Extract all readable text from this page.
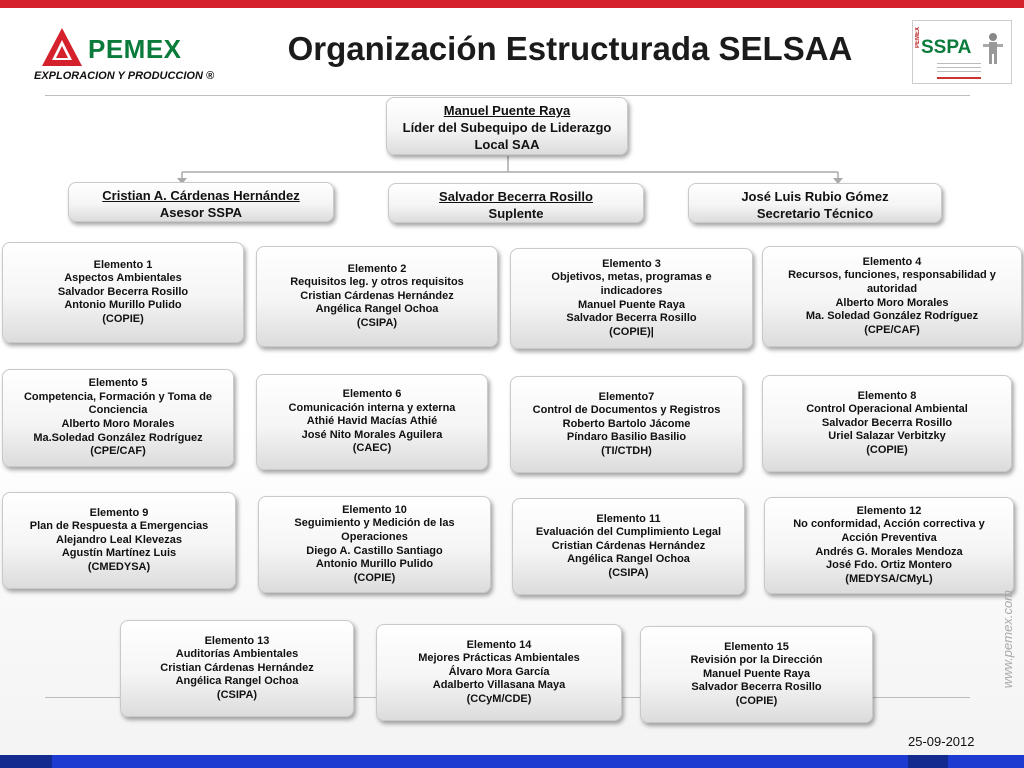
PEMEX
EXPLORACION Y PRODUCCION ®
Organización Estructurada SELSAA	PEMEX SSPA
Manuel Puente Raya
Líder del Subequipo de Liderazgo Local SAA
Cristian A. Cárdenas Hernández
Asesor SSPA
Salvador Becerra Rosillo
Suplente
José Luis Rubio Gómez
Secretario Técnico
Elemento 1
Aspectos Ambientales
Salvador Becerra Rosillo
Antonio Murillo Pulido
(COPIE)
Elemento 2
Requisitos leg. y otros requisitos
Cristian Cárdenas Hernández
Angélica Rangel Ochoa
(CSIPA)
Elemento 3
Objetivos, metas, programas e
indicadores
Manuel Puente Raya
Salvador Becerra Rosillo
(COPIE)|
Elemento 4
Recursos, funciones, responsabilidad y
autoridad
Alberto Moro Morales
Ma. Soledad González Rodríguez
(CPE/CAF)
Elemento 5
Competencia, Formación y Toma de
Conciencia
Alberto Moro Morales
Ma.Soledad González Rodríguez
(CPE/CAF)
Elemento 6
Comunicación interna y externa
Athié Havid Macías Athié
José Nito Morales Aguilera
(CAEC)
Elemento7
Control de Documentos y Registros
Roberto Bartolo Jácome
Píndaro Basilio Basilio
(TI/CTDH)
Elemento 8
Control Operacional Ambiental
Salvador Becerra Rosillo
Uriel Salazar Verbitzky
(COPIE)
Elemento 9
Plan de Respuesta a Emergencias
Alejandro Leal Klevezas
Agustín Martínez Luis
(CMEDYSA)
Elemento 10
Seguimiento y Medición de las
Operaciones
Diego A. Castillo Santiago
Antonio Murillo Pulido
(COPIE)
Elemento 11
Evaluación del Cumplimiento Legal
Cristian Cárdenas Hernández
Angélica Rangel Ochoa
(CSIPA)
Elemento 12
No conformidad, Acción correctiva y
Acción Preventiva
Andrés G. Morales Mendoza
José Fdo. Ortiz Montero
(MEDYSA/CMyL)
Elemento 13
Auditorías Ambientales
Cristian Cárdenas Hernández
Angélica Rangel Ochoa
(CSIPA)
Elemento 14
Mejores Prácticas Ambientales
Álvaro Mora García
Adalberto Villasana Maya
(CCyM/CDE)
Elemento 15
Revisión por la Dirección
Manuel Puente Raya
Salvador Becerra Rosillo
(COPIE)
www.pemex.com
25-09-2012
